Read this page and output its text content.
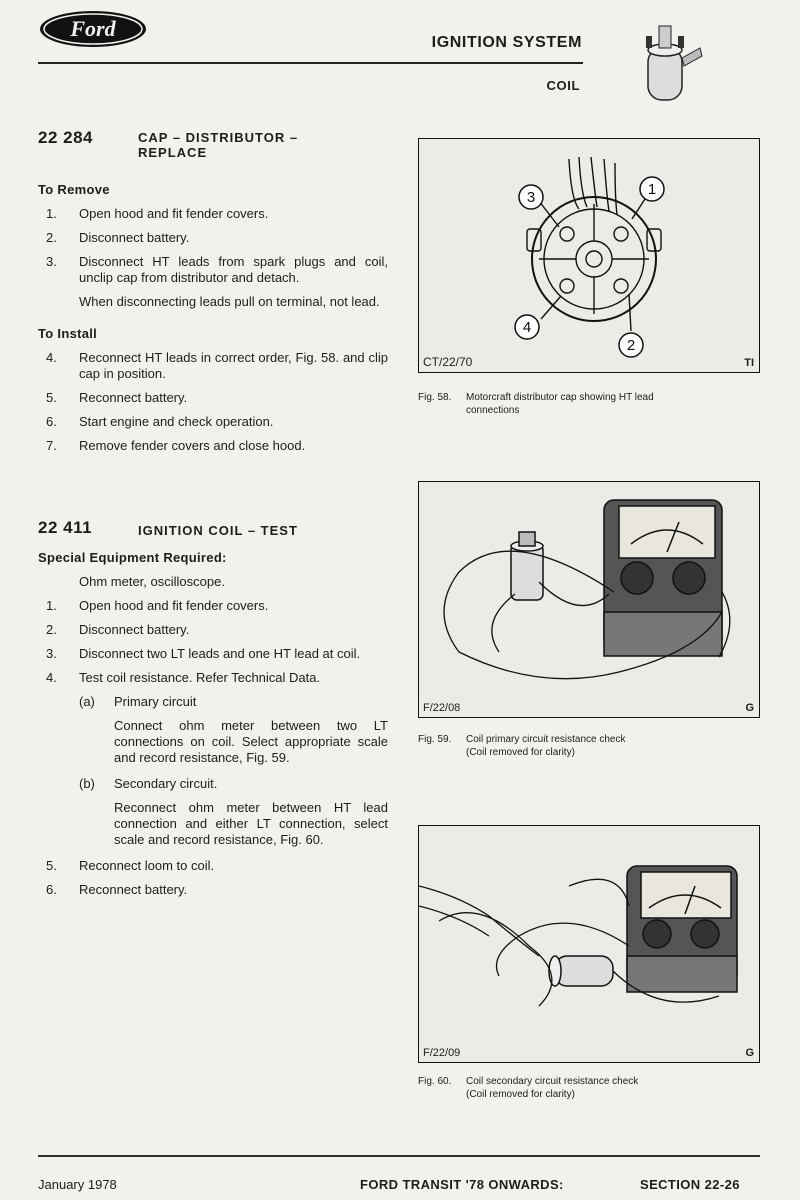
Ford
IGNITION SYSTEM
COIL
22 284	CAP – DISTRIBUTOR – REPLACE
To Remove
1.	Open hood and fit fender covers.
2.	Disconnect battery.
3.	Disconnect HT leads from spark plugs and coil, unclip cap from distributor and detach.
When disconnecting leads pull on terminal, not lead.
To Install
4.	Reconnect HT leads in correct order, Fig. 58. and clip cap in position.
5.	Reconnect battery.
6.	Start engine and check operation.
7.	Remove fender covers and close hood.
22 411	IGNITION COIL – TEST
Special Equipment Required:
Ohm meter, oscilloscope.
1.	Open hood and fit fender covers.
2.	Disconnect battery.
3.	Disconnect two LT leads and one HT lead at coil.
4.	Test coil resistance. Refer Technical Data.
(a)	Primary circuit
Connect ohm meter between two LT connections on coil. Select appropriate scale and record resistance, Fig. 59.
(b)	Secondary circuit.
Reconnect ohm meter between HT lead connection and either LT connection, select scale and record resistance, Fig. 60.
5.	Reconnect loom to coil.
6.	Reconnect battery.
1
2
3
4
CT/22/70	TI
Fig. 58. Motorcraft distributor cap showing HT lead
connections
F/22/08	G
Fig. 59. Coil primary circuit resistance check
(Coil removed for clarity)
F/22/09	G
Fig. 60. Coil secondary circuit resistance check
(Coil removed for clarity)
January 1978	FORD TRANSIT '78 ONWARDS:	SECTION 22-26
